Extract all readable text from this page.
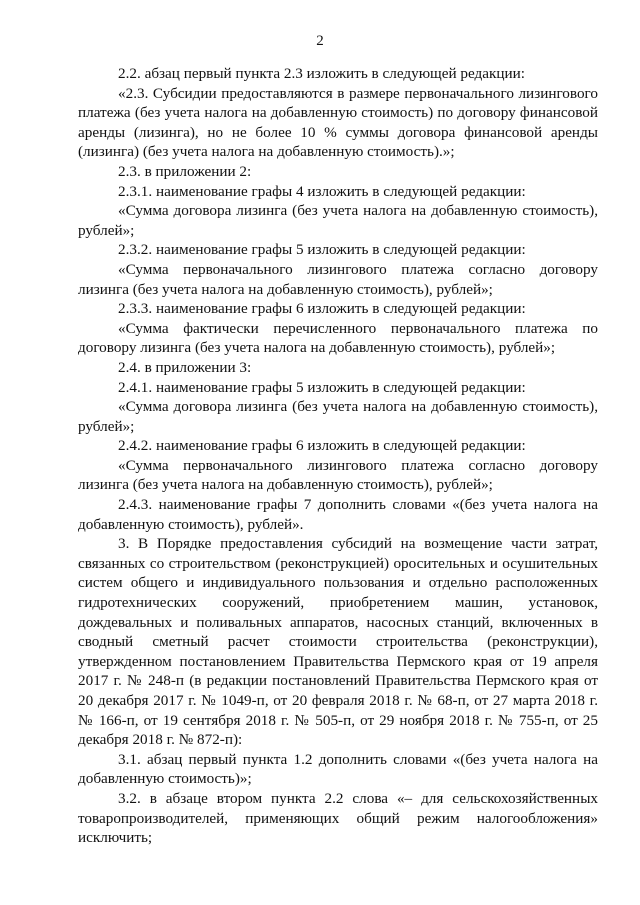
2

2.2. абзац первый пункта 2.3 изложить в следующей редакции:

«2.3. Субсидии предоставляются в размере первоначального лизингового платежа (без учета налога на добавленную стоимость) по договору финансовой аренды (лизинга), но не более 10 % суммы договора финансовой аренды (лизинга) (без учета налога на добавленную стоимость).»;

2.3. в приложении 2:

2.3.1. наименование графы 4 изложить в следующей редакции:

«Сумма договора лизинга (без учета налога на добавленную стоимость), рублей»;

2.3.2. наименование графы 5 изложить в следующей редакции:

«Сумма первоначального лизингового платежа согласно договору лизинга (без учета налога на добавленную стоимость), рублей»;

2.3.3. наименование графы 6 изложить в следующей редакции:

«Сумма фактически перечисленного первоначального платежа по договору лизинга (без учета налога на добавленную стоимость), рублей»;

2.4. в приложении 3:

2.4.1. наименование графы 5 изложить в следующей редакции:

«Сумма договора лизинга (без учета налога на добавленную стоимость), рублей»;

2.4.2. наименование графы 6 изложить в следующей редакции:

«Сумма первоначального лизингового платежа согласно договору лизинга (без учета налога на добавленную стоимость), рублей»;

2.4.3. наименование графы 7 дополнить словами «(без учета налога на добавленную стоимость), рублей».

3. В Порядке предоставления субсидий на возмещение части затрат, связанных со строительством (реконструкцией) оросительных и осушительных систем общего и индивидуального пользования и отдельно расположенных гидротехнических сооружений, приобретением машин, установок, дождевальных и поливальных аппаратов, насосных станций, включенных в сводный сметный расчет стоимости строительства (реконструкции), утвержденном постановлением Правительства Пермского края от 19 апреля 2017 г. № 248-п (в редакции постановлений Правительства Пермского края от 20 декабря 2017 г. № 1049-п, от 20 февраля 2018 г. № 68-п, от 27 марта 2018 г. № 166-п, от 19 сентября 2018 г. № 505-п, от 29 ноября 2018 г. № 755-п, от 25 декабря 2018 г. № 872-п):

3.1. абзац первый пункта 1.2 дополнить словами «(без учета налога на добавленную стоимость)»;

3.2. в абзаце втором пункта 2.2 слова «– для сельскохозяйственных товаропроизводителей, применяющих общий режим налогообложения» исключить;
